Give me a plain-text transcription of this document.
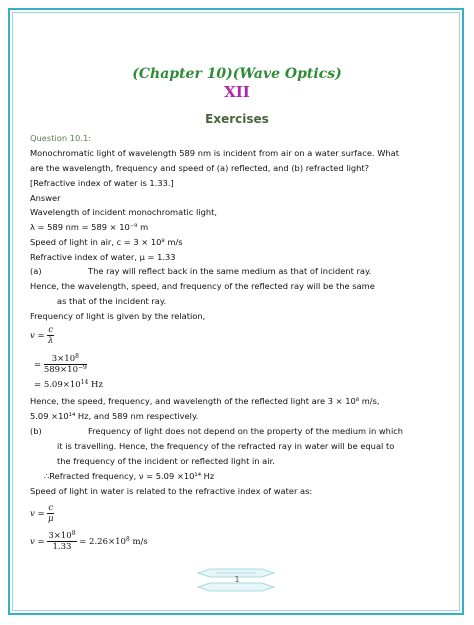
(Chapter 10)(Wave Optics)
XII
Exercises
Question 10.1:
Monochromatic light of wavelength 589 nm is incident from air on a water surface. What
are the wavelength, frequency and speed of (a) reflected, and (b) refracted light?
[Refractive index of water is 1.33.]
Answer
Wavelength of incident monochromatic light,
λ = 589 nm = 589 × 10⁻⁹ m
Speed of light in air, c = 3 × 10⁸ m/s
Refractive index of water, μ = 1.33
(a)	The ray will reflect back in the same medium as that of incident ray.
Hence, the wavelength, speed, and frequency of the reflected ray will be the same
as that of the incident ray.
Frequency of light is given by the relation,
$v = \frac{c}{\lambda}$
= $\frac{3\times 10^8}{589\times 10^{-9}}$
= $5.09\times 10^{14}$ Hz
Hence, the speed, frequency, and wavelength of the reflected light are 3 × 10⁸ m/s,
5.09 ×10¹⁴ Hz, and 589 nm respectively.
(b)	Frequency of light does not depend on the property of the medium in which
it is travelling. Hence, the frequency of the refracted ray in water will be equal to
the frequency of the incident or reflected light in air.
∴Refracted frequency, ν = 5.09 ×10¹⁴ Hz
Speed of light in water is related to the refractive index of water as:
$v = \frac{c}{\mu}$
$v = \frac{3\times 10^8}{1.33} = 2.26\times 10^8$ m/s
1
